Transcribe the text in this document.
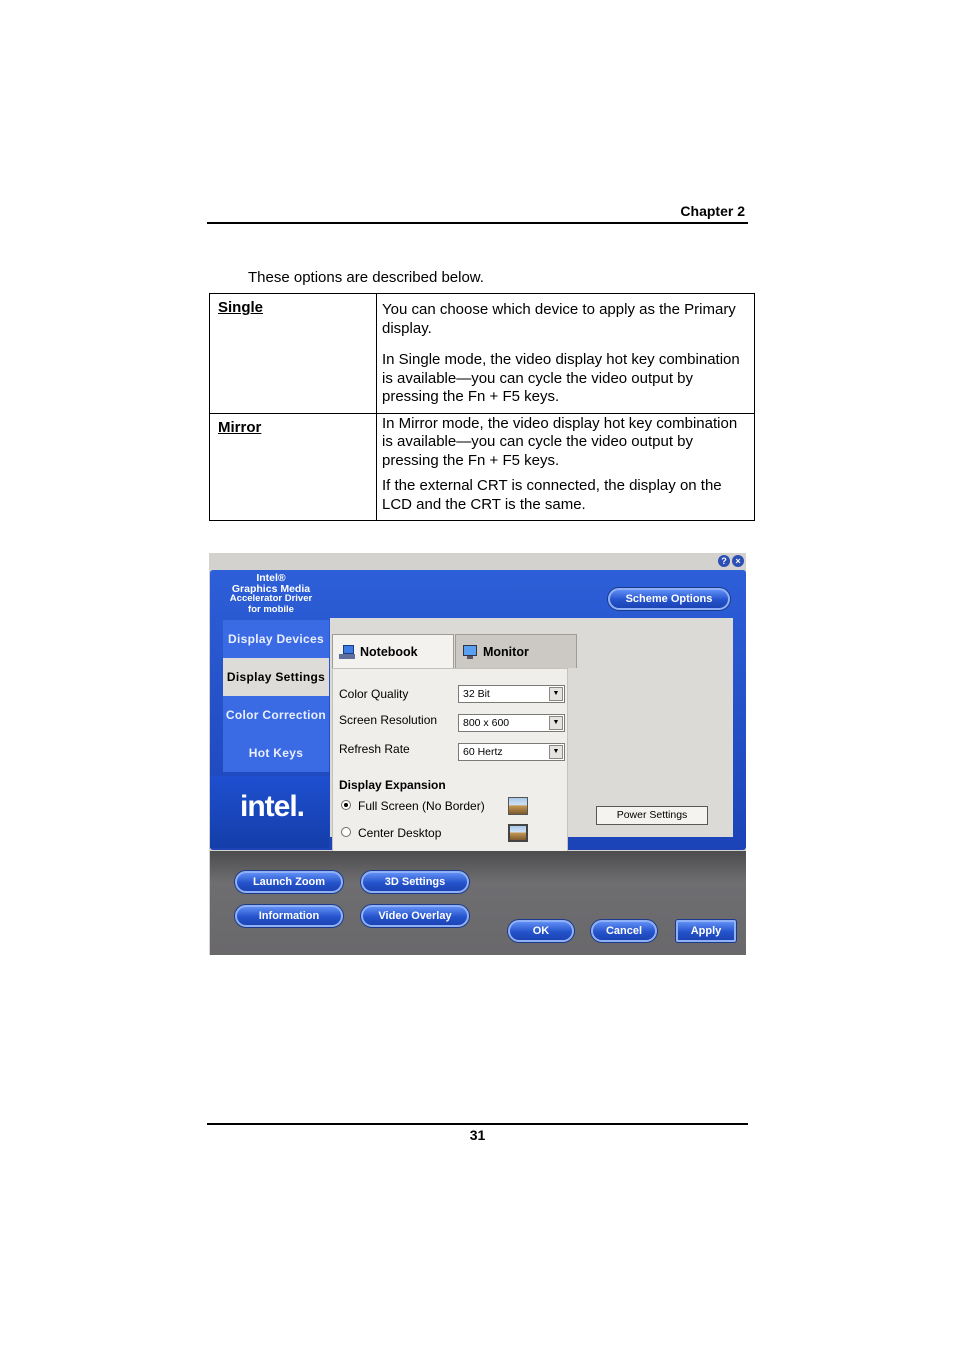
Chapter 2
These options are described below.
Single	You can choose which device to apply as the Primary display.

In Single mode, the video display hot key combination is available—you can cycle the video output by pressing the Fn + F5 keys.

Mirror	In Mirror mode, the video display hot key combination is available—you can cycle the video output by pressing the Fn + F5 keys.

If the external CRT is connected, the display on the LCD and the CRT is the same.

? ×
Intel®
Graphics Media
Accelerator Driver
for mobile
Display Devices
Display Settings
Color Correction
Hot Keys
intel.
Notebook	Monitor
Color Quality	32 Bit	▼
Screen Resolution	800 x 600	▼
Refresh Rate	60 Hertz	▼
Display Expansion
Full Screen (No Border)
Center Desktop
Scheme Options
Power Settings
Launch Zoom	3D Settings
Information	Video Overlay
OK	Cancel	Apply
31
